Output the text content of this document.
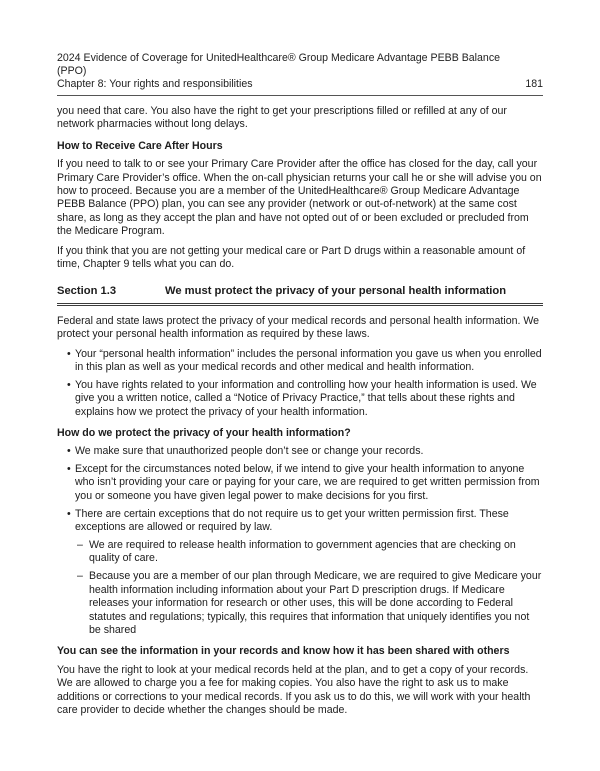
2024 Evidence of Coverage for UnitedHealthcare® Group Medicare Advantage PEBB Balance
(PPO)
Chapter 8: Your rights and responsibilities	181

you need that care. You also have the right to get your prescriptions filled or refilled at any of our network pharmacies without long delays.

How to Receive Care After Hours

If you need to talk to or see your Primary Care Provider after the office has closed for the day, call your Primary Care Provider’s office. When the on-call physician returns your call he or she will advise you on how to proceed. Because you are a member of the UnitedHealthcare® Group Medicare Advantage PEBB Balance (PPO) plan, you can see any provider (network or out-of-network) at the same cost share, as long as they accept the plan and have not opted out of or been excluded or precluded from the Medicare Program.

If you think that you are not getting your medical care or Part D drugs within a reasonable amount of time, Chapter 9 tells what you can do.

Section 1.3	We must protect the privacy of your personal health information

Federal and state laws protect the privacy of your medical records and personal health information. We protect your personal health information as required by these laws.

• Your “personal health information” includes the personal information you gave us when you enrolled in this plan as well as your medical records and other medical and health information.
• You have rights related to your information and controlling how your health information is used. We give you a written notice, called a “Notice of Privacy Practice,” that tells about these rights and explains how we protect the privacy of your health information.
How do we protect the privacy of your health information?
• We make sure that unauthorized people don’t see or change your records.
• Except for the circumstances noted below, if we intend to give your health information to anyone who isn’t providing your care or paying for your care, we are required to get written permission from you or someone you have given legal power to make decisions for you first.
• There are certain exceptions that do not require us to get your written permission first. These exceptions are allowed or required by law.
– We are required to release health information to government agencies that are checking on quality of care.
– Because you are a member of our plan through Medicare, we are required to give Medicare your health information including information about your Part D prescription drugs. If Medicare releases your information for research or other uses, this will be done according to Federal statutes and regulations; typically, this requires that information that uniquely identifies you not be shared
You can see the information in your records and know how it has been shared with others

You have the right to look at your medical records held at the plan, and to get a copy of your records. We are allowed to charge you a fee for making copies. You also have the right to ask us to make additions or corrections to your medical records. If you ask us to do this, we will work with your health care provider to decide whether the changes should be made.
